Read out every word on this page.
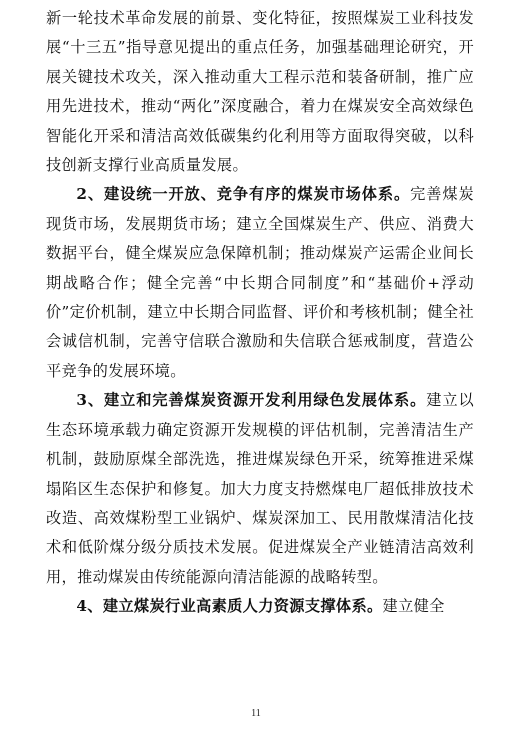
新一轮技术革命发展的前景、变化特征，按照煤炭工业科技发展“十三五”指导意见提出的重点任务，加强基础理论研究，开展关键技术攻关，深入推动重大工程示范和装备研制，推广应用先进技术，推动“两化”深度融合，着力在煤炭安全高效绿色智能化开采和清洁高效低碳集约化利用等方面取得突破，以科技创新支撑行业高质量发展。

2、建设统一开放、竞争有序的煤炭市场体系。完善煤炭现货市场，发展期货市场；建立全国煤炭生产、供应、消费大数据平台，健全煤炭应急保障机制；推动煤炭产运需企业间长期战略合作；健全完善“中长期合同制度”和“基础价+浮动价”定价机制，建立中长期合同监督、评价和考核机制；健全社会诚信机制，完善守信联合激励和失信联合惩戒制度，营造公平竞争的发展环境。

3、建立和完善煤炭资源开发利用绿色发展体系。建立以生态环境承载力确定资源开发规模的评估机制，完善清洁生产机制，鼓励原煤全部洗选，推进煤炭绿色开采，统筹推进采煤塌陷区生态保护和修复。加大力度支持燃煤电厂超低排放技术改造、高效煤粉型工业锅炉、煤炭深加工、民用散煤清洁化技术和低阶煤分级分质技术发展。促进煤炭全产业链清洁高效利用，推动煤炭由传统能源向清洁能源的战略转型。

4、建立煤炭行业高素质人力资源支撑体系。建立健全

11
